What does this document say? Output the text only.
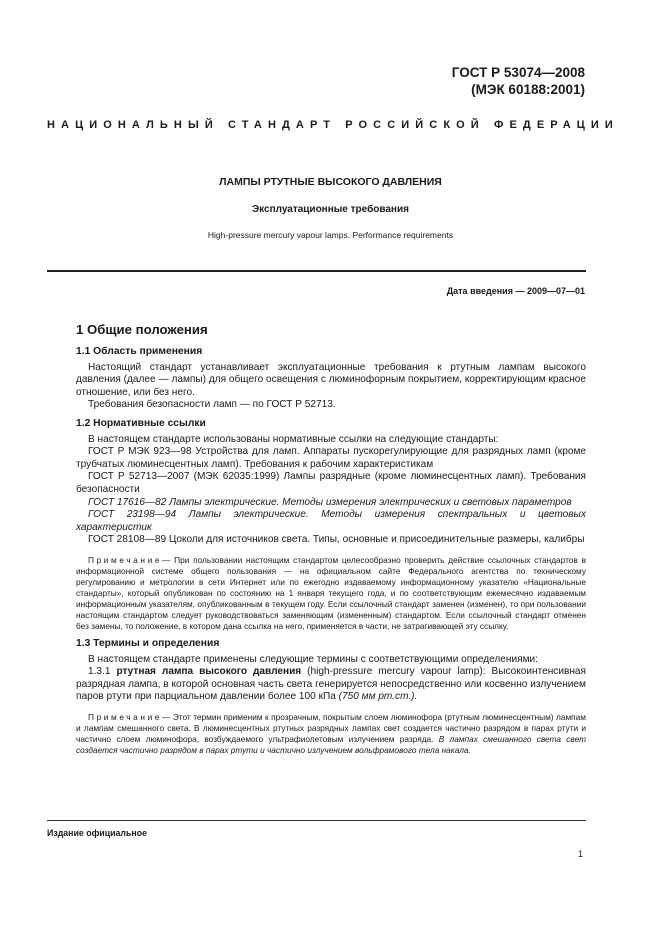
ГОСТ Р 53074—2008
(МЭК 60188:2001)
НАЦИОНАЛЬНЫЙ СТАНДАРТ РОССИЙСКОЙ ФЕДЕРАЦИИ
ЛАМПЫ РТУТНЫЕ ВЫСОКОГО ДАВЛЕНИЯ
Эксплуатационные требования
High-pressure mercury vapour lamps. Performance requirements
Дата введения — 2009—07—01
1 Общие положения
1.1 Область применения

Настоящий стандарт устанавливает эксплуатационные требования к ртутным лампам высокого давления (далее — лампы) для общего освещения с люминофорным покрытием, корректирующим красное отношение, или без него.

Требования безопасности ламп — по ГОСТ Р 52713.

1.2 Нормативные ссылки

В настоящем стандарте использованы нормативные ссылки на следующие стандарты:

ГОСТ Р МЭК 923—98 Устройства для ламп. Аппараты пускорегулирующие для разрядных ламп (кроме трубчатых люминесцентных ламп). Требования к рабочим характеристикам

ГОСТ Р 52713—2007 (МЭК 62035:1999) Лампы разрядные (кроме люминесцентных ламп). Требования безопасности

ГОСТ 17616—82 Лампы электрические. Методы измерения электрических и световых параметров

ГОСТ 23198—94 Лампы электрические. Методы измерения спектральных и цветовых характеристик

ГОСТ 28108—89 Цоколи для источников света. Типы, основные и присоединительные размеры, калибры

Примечание— При пользовании настоящим стандартом целесообразно проверить действие ссылочных стандартов в информационной системе общего пользования — на официальном сайте Федерального агентства по техническому регулированию и метрологии в сети Интернет или по ежегодно издаваемому информационному указателю «Национальные стандарты», который опубликован по состоянию на 1 января текущего года, и по соответствующим ежемесячно издаваемым информационным указателям, опубликованным в текущем году. Если ссылочный стандарт заменен (изменен), то при пользовании настоящим стандартом следует руководствоваться заменяющим (измененным) стандартом. Если ссылочный стандарт отменен без замены, то положение, в котором дана ссылка на него, применяется в части, не затрагивающей эту ссылку.
1.3 Термины и определения

В настоящем стандарте применены следующие термины с соответствующими определениями:

1.3.1 ртутная лампа высокого давления (high-pressure mercury vapour lamp): Высокоинтенсивная разрядная лампа, в которой основная часть света генерируется непосредственно или косвенно излучением паров ртути при парциальном давлении более 100 кПа (750 мм рт.ст.).

Примечание— Этот термин применим к прозрачным, покрытым слоем люминофора (ртутным люминесцентным) лампам и лампам смешанного света. В люминесцентных ртутных разрядных лампах свет создается частично разрядом в парах ртути и частично слоем люминофора, возбуждаемого ультрафиолетовым излучением разряда. В лампах смешанного света свет создается частично разрядом в парах ртути и частично излучением вольфрамового тела накала.
Издание официальное
1
